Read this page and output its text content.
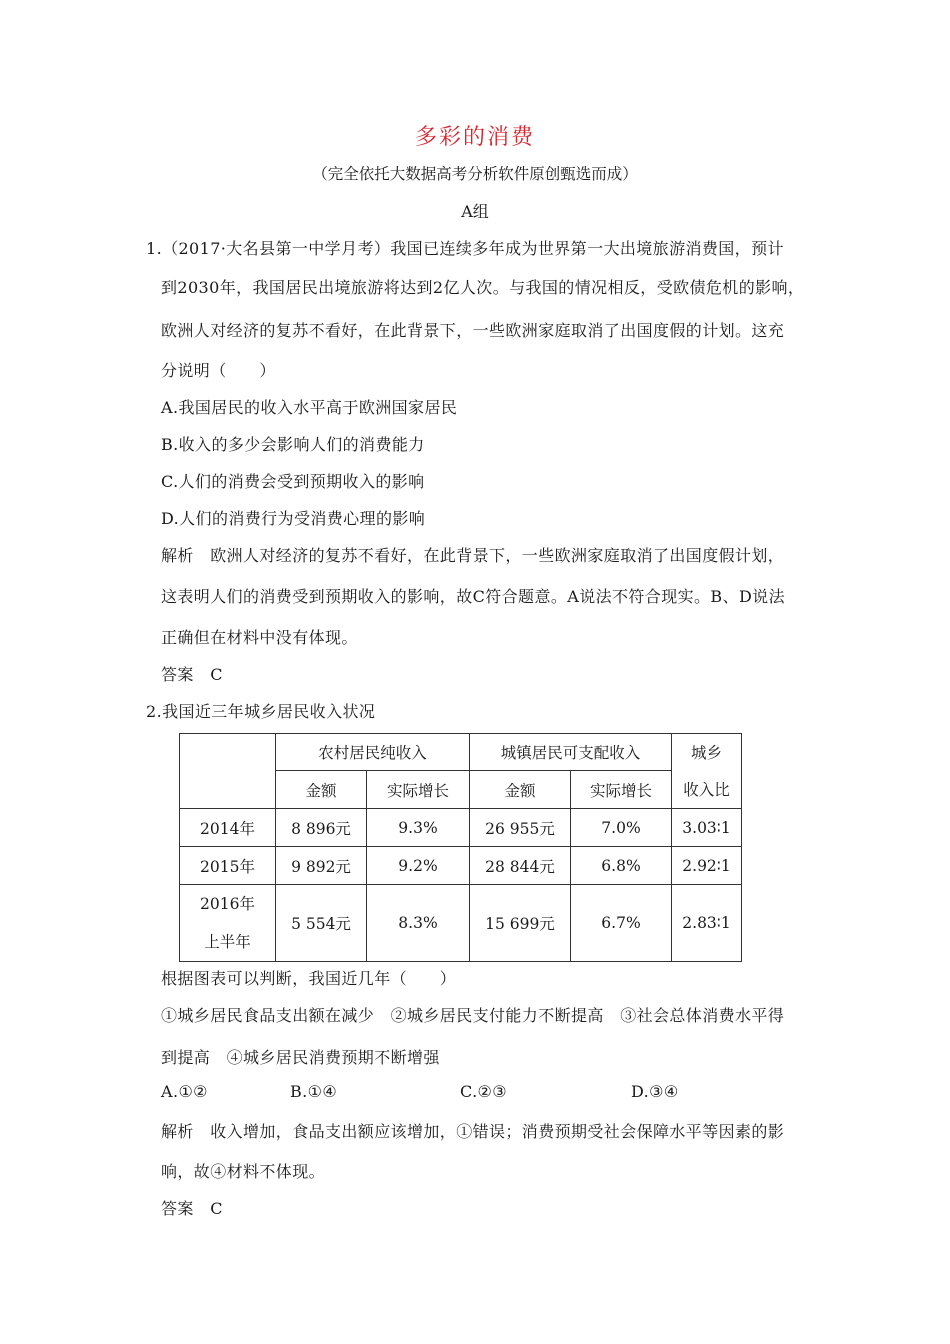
多彩的消费
（完全依托大数据高考分析软件原创甄选而成）
A组
1.（2017·大名县第一中学月考）我国已连续多年成为世界第一大出境旅游消费国，预计
到2030年，我国居民出境旅游将达到2亿人次。与我国的情况相反，受欧债危机的影响，
欧洲人对经济的复苏不看好，在此背景下，一些欧洲家庭取消了出国度假的计划。这充
分说明（　　）
A.我国居民的收入水平高于欧洲国家居民
B.收入的多少会影响人们的消费能力
C.人们的消费会受到预期收入的影响
D.人们的消费行为受消费心理的影响
解析　欧洲人对经济的复苏不看好，在此背景下，一些欧洲家庭取消了出国度假计划，
这表明人们的消费受到预期收入的影响，故C符合题意。A说法不符合现实。B、D说法
正确但在材料中没有体现。
答案　C
2.我国近三年城乡居民收入状况
	农村居民纯收入		城镇居民可支配收入		城乡
	金额	实际增长	金额	实际增长	收入比
2014年	8 896元	9.3%	26 955元	7.0%	3.03∶1
2015年	9 892元	9.2%	28 844元	6.8%	2.92∶1

2016年
上半年	5 554元	8.3%	15 699元	6.7%	2.83∶1
根据图表可以判断，我国近几年（　　）
①城乡居民食品支出额在减少　②城乡居民支付能力不断提高　③社会总体消费水平得
到提高　④城乡居民消费预期不断增强
A.①②	B.①④	C.②③	D.③④
解析　收入增加，食品支出额应该增加，①错误；消费预期受社会保障水平等因素的影
响，故④材料不体现。
答案　C
